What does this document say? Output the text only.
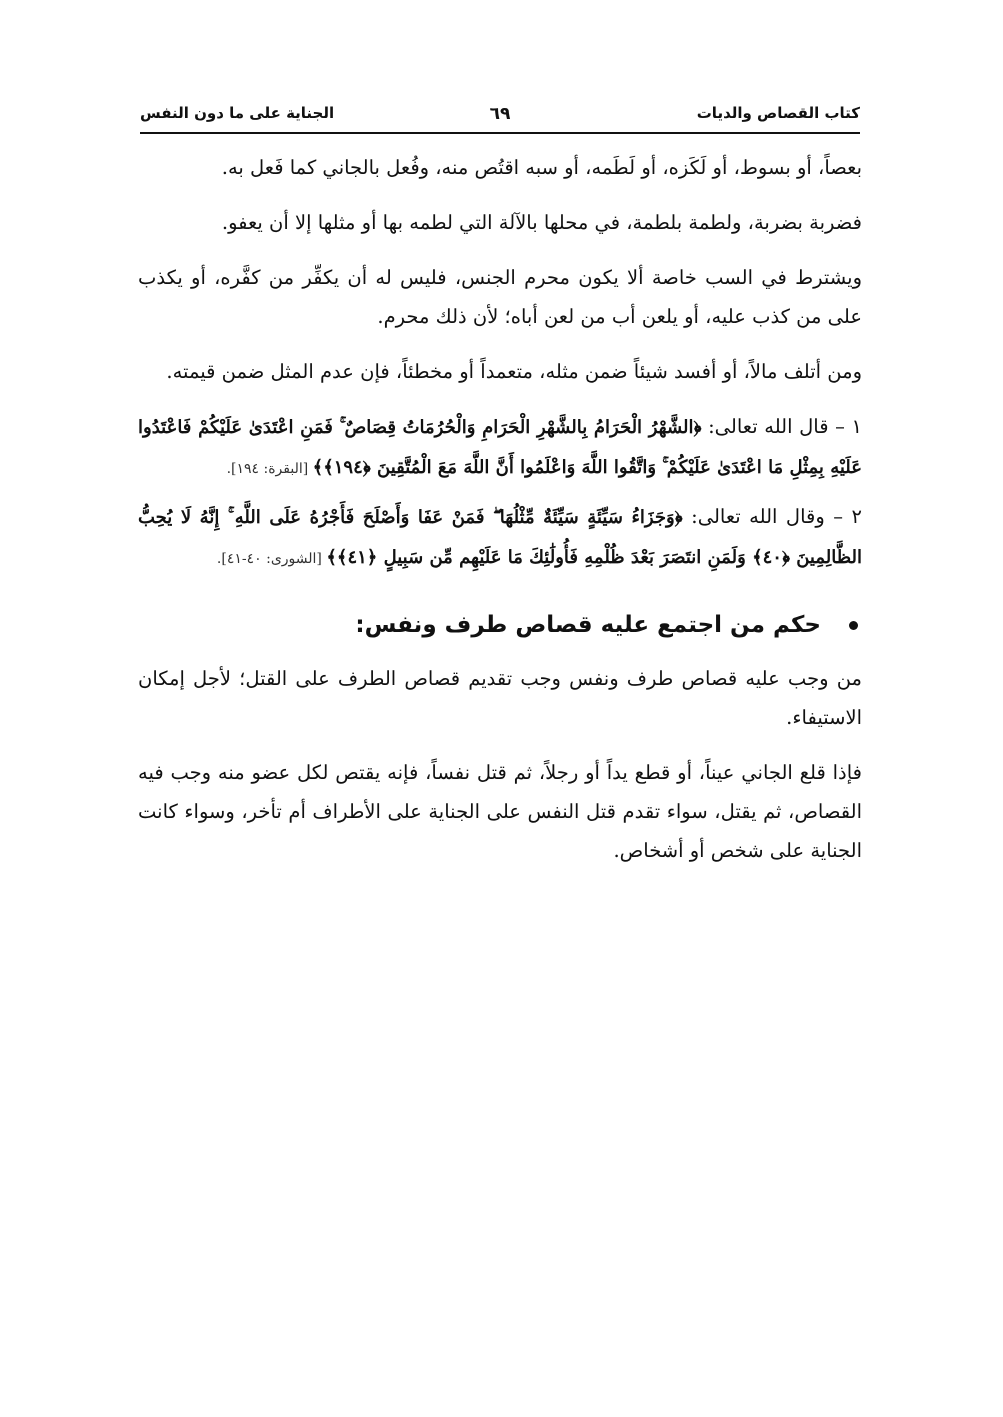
كتاب القصاص والديات
٦٩
الجناية على ما دون النفس

بعصاً، أو بسوط، أو لَكَزه، أو لَطَمه، أو سبه اقتُص منه، وفُعل بالجاني كما فَعل به.

فضربة بضربة، ولطمة بلطمة، في محلها بالآلة التي لطمه بها أو مثلها إلا أن يعفو.

ويشترط في السب خاصة ألا يكون محرم الجنس، فليس له أن يكفِّر من كفَّره، أو يكذب على من كذب عليه، أو يلعن أب من لعن أباه؛ لأن ذلك محرم.

ومن أتلف مالاً، أو أفسد شيئاً ضمن مثله، متعمداً أو مخطئاً، فإن عدم المثل ضمن قيمته.

١ – قال الله تعالى: ﴿الشَّهْرُ الْحَرَامُ بِالشَّهْرِ الْحَرَامِ وَالْحُرُمَاتُ قِصَاصٌ ۚ فَمَنِ اعْتَدَىٰ عَلَيْكُمْ فَاعْتَدُوا عَلَيْهِ بِمِثْلِ مَا اعْتَدَىٰ عَلَيْكُمْ ۚ وَاتَّقُوا اللَّهَ وَاعْلَمُوا أَنَّ اللَّهَ مَعَ الْمُتَّقِينَ ﴿١٩٤﴾﴾ [البقرة: ١٩٤].

٢ – وقال الله تعالى: ﴿وَجَزَاءُ سَيِّئَةٍ سَيِّئَةٌ مِّثْلُهَا ۖ فَمَنْ عَفَا وَأَصْلَحَ فَأَجْرُهُ عَلَى اللَّهِ ۚ إِنَّهُ لَا يُحِبُّ الظَّالِمِينَ ﴿٤٠﴾ وَلَمَنِ انتَصَرَ بَعْدَ ظُلْمِهِ فَأُولَٰئِكَ مَا عَلَيْهِم مِّن سَبِيلٍ ﴿٤١﴾﴾ [الشورى: ٤٠-٤١].

حكم من اجتمع عليه قصاص طرف ونفس:

من وجب عليه قصاص طرف ونفس وجب تقديم قصاص الطرف على القتل؛ لأجل إمكان الاستيفاء.

فإذا قلع الجاني عيناً، أو قطع يداً أو رجلاً، ثم قتل نفساً، فإنه يقتص لكل عضو منه وجب فيه القصاص، ثم يقتل، سواء تقدم قتل النفس على الجناية على الأطراف أم تأخر، وسواء كانت الجناية على شخص أو أشخاص.
